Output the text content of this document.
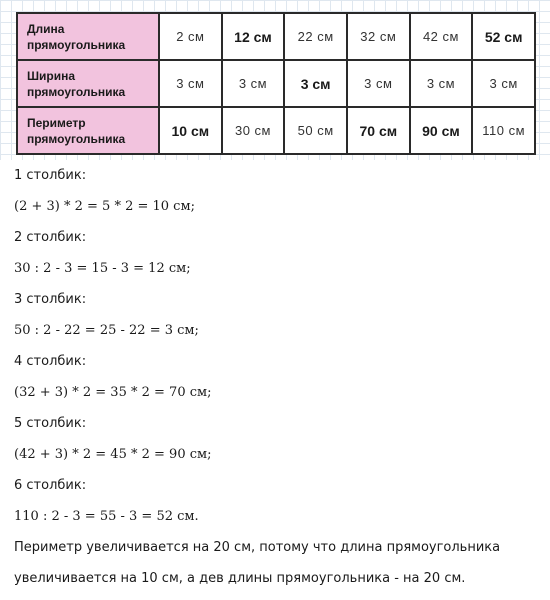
Длина
прямоугольника	2 см	12 см	22 см	32 см	42 см	52 см

Ширина
прямоугольника	3 см	3 см	3 см	3 см	3 см	3 см

Периметр
прямоугольника	10 см	30 см	50 см	70 см	90 см	110 см
1 столбик:
(2 + 3) * 2 = 5 * 2 = 10 см;
2 столбик:
30 : 2 - 3 = 15 - 3 = 12 см;
3 столбик:
50 : 2 - 22 = 25 - 22 = 3 см;
4 столбик:
(32 + 3) * 2 = 35 * 2 = 70 см;
5 столбик:
(42 + 3) * 2 = 45 * 2 = 90 см;
6 столбик:
110 : 2 - 3 = 55 - 3 = 52 см.
Периметр увеличивается на 20 см, потому что длина прямоугольника
увеличивается на 10 см, а дев длины прямоугольника - на 20 см.
